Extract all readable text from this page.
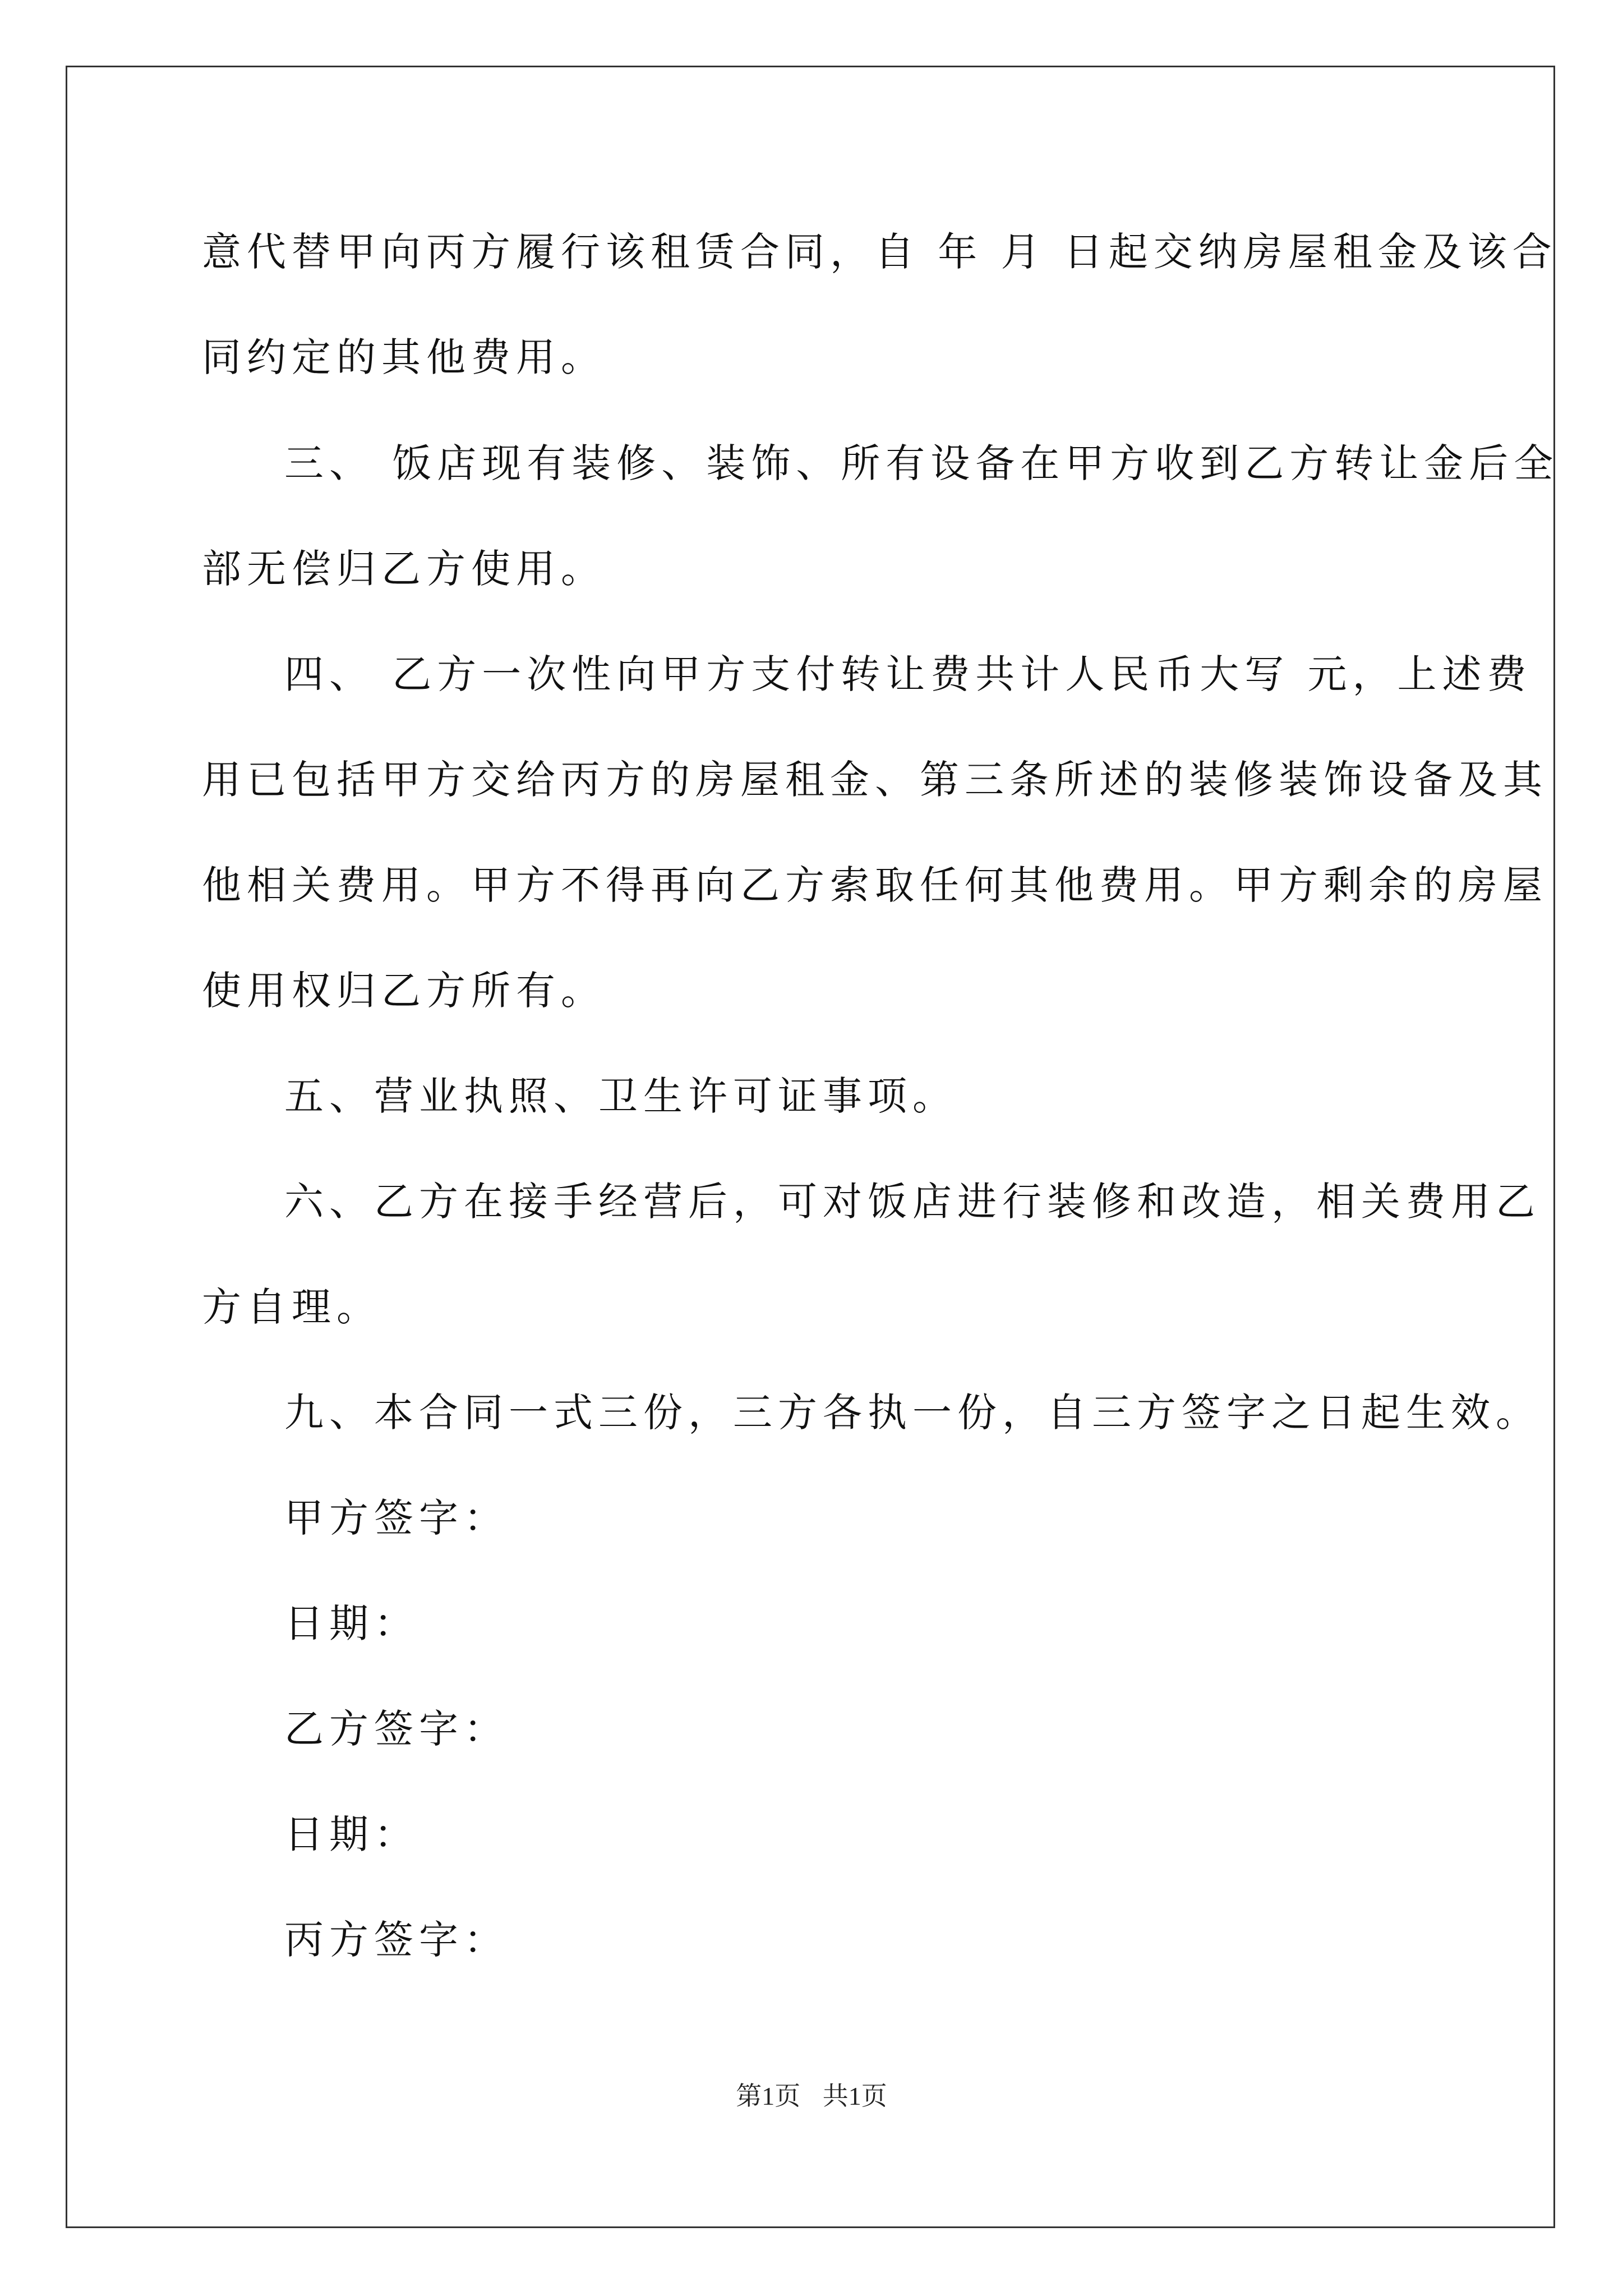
意代替甲向丙方履行该租赁合同，自 年 月 日起交纳房屋租金及该合

同约定的其他费用。

三、 饭店现有装修、装饰、所有设备在甲方收到乙方转让金后全

部无偿归乙方使用。

四、 乙方一次性向甲方支付转让费共计人民币大写 元，上述费

用已包括甲方交给丙方的房屋租金、第三条所述的装修装饰设备及其

他相关费用。甲方不得再向乙方索取任何其他费用。甲方剩余的房屋

使用权归乙方所有。

五、营业执照、卫生许可证事项。

六、乙方在接手经营后，可对饭店进行装修和改造，相关费用乙

方自理。

九、本合同一式三份，三方各执一份，自三方签字之日起生效。

甲方签字：

日期：

乙方签字：

日期：

丙方签字：

第1页 共1页
